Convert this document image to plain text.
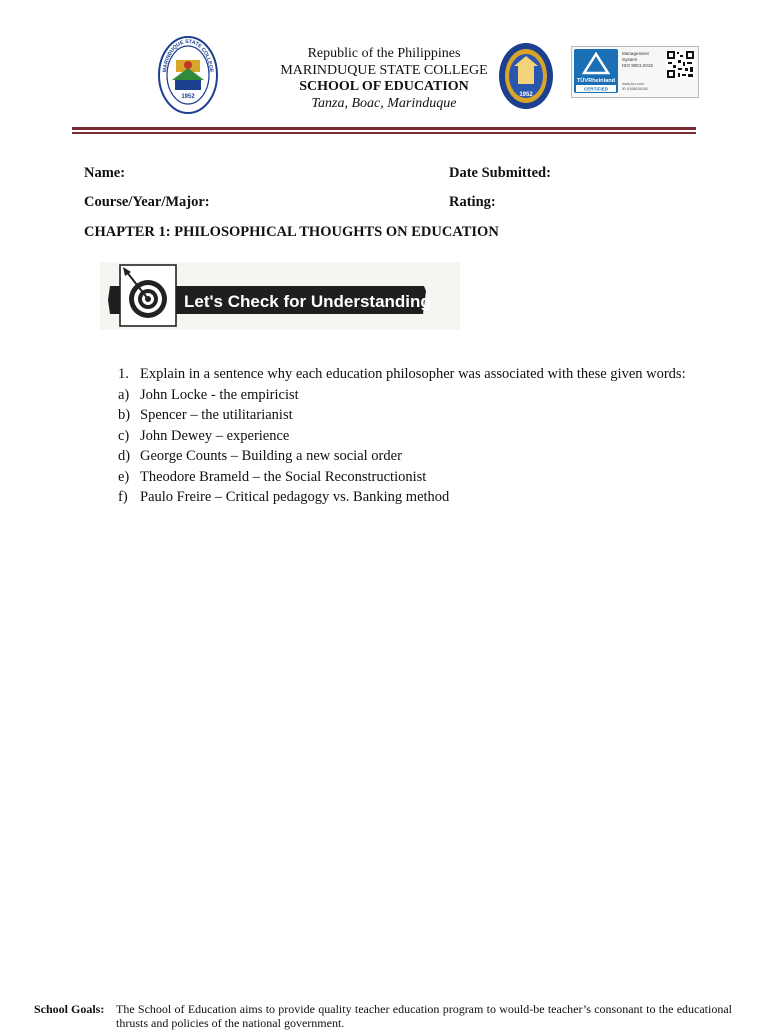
MARINDUQUE STATE COLLEGE
1952
Republic of the Philippines
MARINDUQUE STATE COLLEGE
SCHOOL OF EDUCATION
Tanza, Boac, Marinduque
1952
TÜVRheinland
CERTIFIED
Management
System
ISO 9001:2015
www.tuv.com
ID 9108634260
Name:	Date Submitted:
Course/Year/Major:	Rating:
CHAPTER 1: PHILOSOPHICAL THOUGHTS ON EDUCATION
Let's Check for Understanding
1. Explain in a sentence why each education philosopher was associated with these given words:
a) John Locke - the empiricist
b) Spencer – the utilitarianist
c) John Dewey – experience
d) George Counts – Building a new social order
e) Theodore Brameld – the Social Reconstructionist
f) Paulo Freire – Critical pedagogy vs. Banking method
School Goals: The School of Education aims to provide quality teacher education program to would-be teacher’s consonant to the educational thrusts and policies of the national government.
